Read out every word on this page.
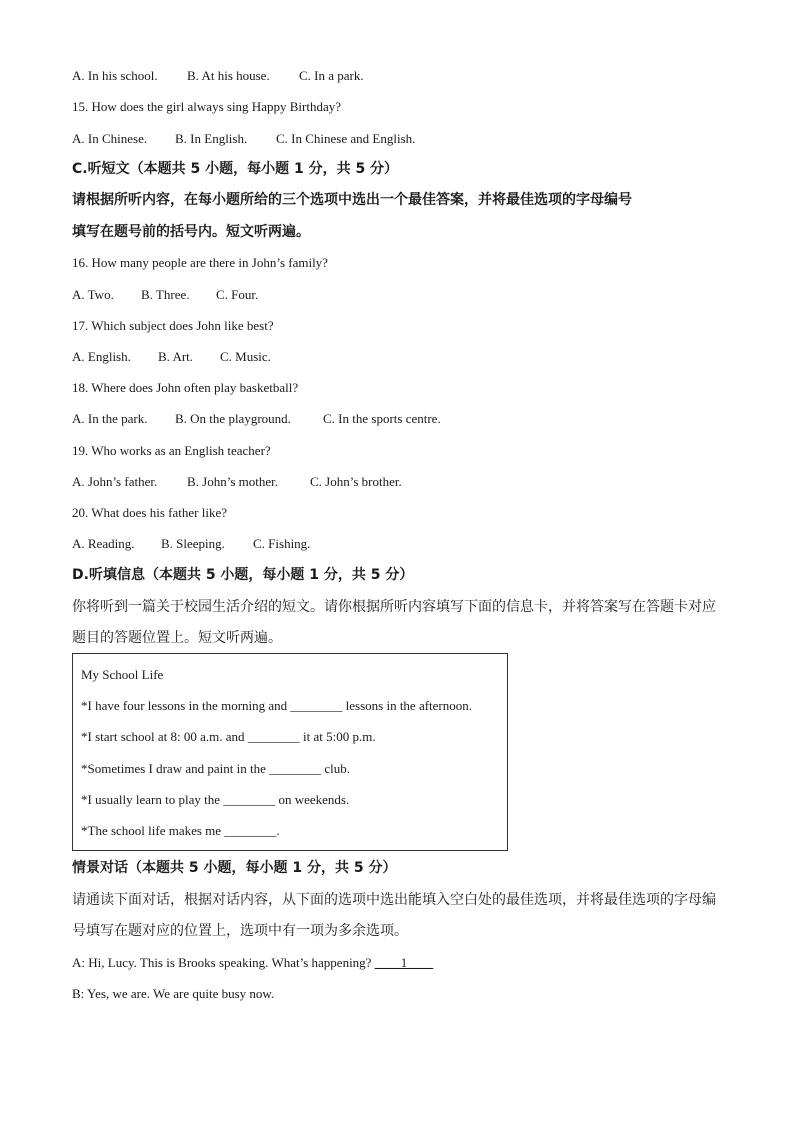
A. In his school. B. At his house. C. In a park.
15. How does the girl always sing Happy Birthday?
A. In Chinese. B. In English. C. In Chinese and English.
C.听短文（本题共 5 小题，每小题 1 分，共 5 分）
请根据所听内容，在每小题所给的三个选项中选出一个最佳答案，并将最佳选项的字母编号
填写在题号前的括号内。短文听两遍。
16. How many people are there in John’s family?
A. Two. B. Three. C. Four.
17. Which subject does John like best?
A. English. B. Art. C. Music.
18. Where does John often play basketball?
A. In the park. B. On the playground. C. In the sports centre.
19. Who works as an English teacher?
A. John’s father. B. John’s mother. C. John’s brother.
20. What does his father like?
A. Reading. B. Sleeping. C. Fishing.
D.听填信息（本题共 5 小题，每小题 1 分，共 5 分）
你将听到一篇关于校园生活介绍的短文。请你根据所听内容填写下面的信息卡，并将答案写在答题卡对应
题目的答题位置上。短文听两遍。
My School Life
*I have four lessons in the morning and ________ lessons in the afternoon.
*I start school at 8: 00 a.m. and ________ it at 5:00 p.m.
*Sometimes I draw and paint in the ________ club.
*I usually learn to play the ________ on weekends.
*The school life makes me ________.
情景对话（本题共 5 小题，每小题 1 分，共 5 分）
请通读下面对话，根据对话内容，从下面的选项中选出能填入空白处的最佳选项，并将最佳选项的字母编
号填写在题对应的位置上，选项中有一项为多余选项。
A: Hi, Lucy. This is Brooks speaking. What’s happening? ____1____
B: Yes, we are. We are quite busy now.
